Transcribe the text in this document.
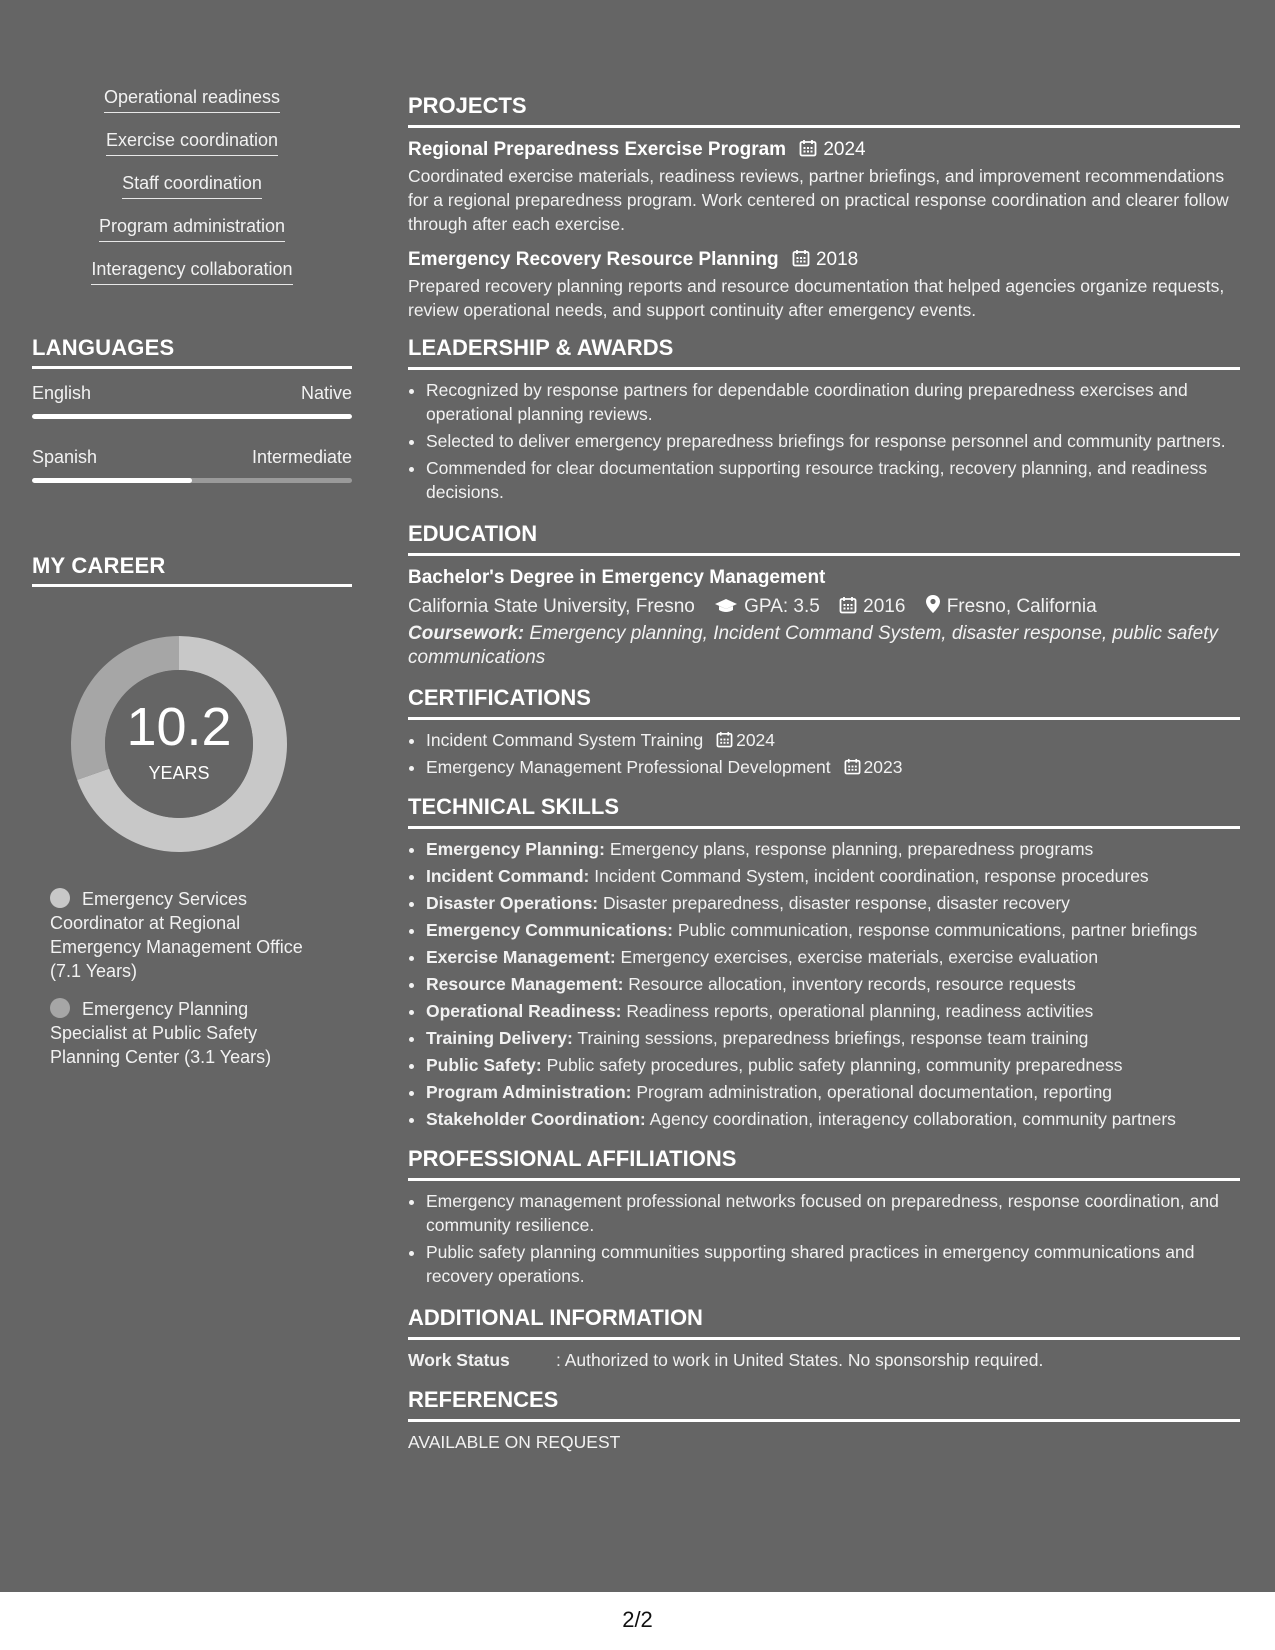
Operational readiness
Exercise coordination
Staff coordination
Program administration
Interagency collaboration
LANGUAGES
English	Native
Spanish	Intermediate
MY CAREER
10.2
YEARS
Emergency Services Coordinator at Regional Emergency Management Office (7.1 Years)
Emergency Planning Specialist at Public Safety Planning Center (3.1 Years)
PROJECTS
Regional Preparedness Exercise Program 2024
Coordinated exercise materials, readiness reviews, partner briefings, and improvement recommendations for a regional preparedness program. Work centered on practical response coordination and clearer follow through after each exercise.
Emergency Recovery Resource Planning 2018
Prepared recovery planning reports and resource documentation that helped agencies organize requests, review operational needs, and support continuity after emergency events.
LEADERSHIP & AWARDS
• Recognized by response partners for dependable coordination during preparedness exercises and operational planning reviews.
• Selected to deliver emergency preparedness briefings for response personnel and community partners.
• Commended for clear documentation supporting resource tracking, recovery planning, and readiness decisions.
EDUCATION
Bachelor's Degree in Emergency Management
California State University, Fresno	GPA: 3.5 2016 Fresno, California
Coursework: Emergency planning, Incident Command System, disaster response, public safety communications
CERTIFICATIONS
• Incident Command System Training 2024
• Emergency Management Professional Development 2023
TECHNICAL SKILLS
• Emergency Planning: Emergency plans, response planning, preparedness programs
• Incident Command: Incident Command System, incident coordination, response procedures
• Disaster Operations: Disaster preparedness, disaster response, disaster recovery
• Emergency Communications: Public communication, response communications, partner briefings
• Exercise Management: Emergency exercises, exercise materials, exercise evaluation
• Resource Management: Resource allocation, inventory records, resource requests
• Operational Readiness: Readiness reports, operational planning, readiness activities
• Training Delivery: Training sessions, preparedness briefings, response team training
• Public Safety: Public safety procedures, public safety planning, community preparedness
• Program Administration: Program administration, operational documentation, reporting
• Stakeholder Coordination: Agency coordination, interagency collaboration, community partners
PROFESSIONAL AFFILIATIONS
• Emergency management professional networks focused on preparedness, response coordination, and community resilience.
• Public safety planning communities supporting shared practices in emergency communications and recovery operations.
ADDITIONAL INFORMATION
Work Status	: Authorized to work in United States. No sponsorship required.
REFERENCES
AVAILABLE ON REQUEST
2/2
